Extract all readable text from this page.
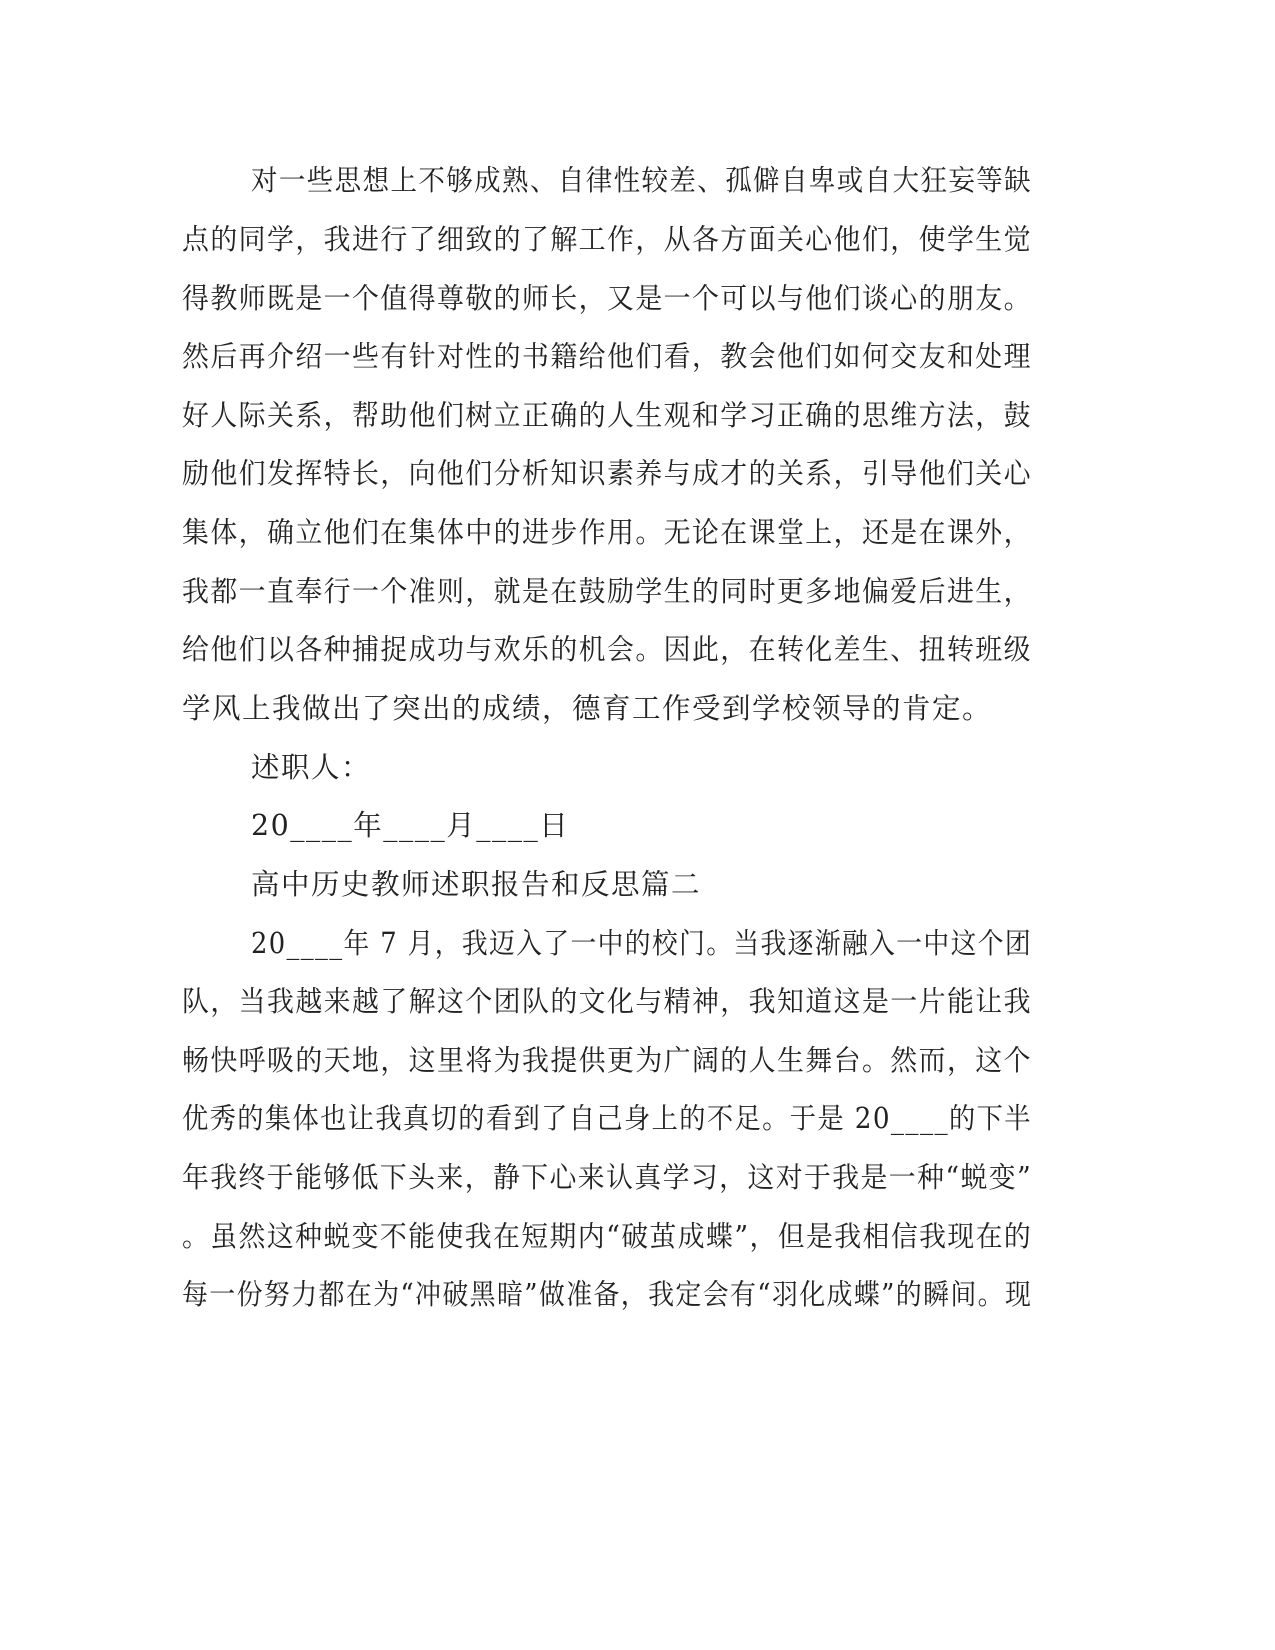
对一些思想上不够成熟、自律性较差、孤僻自卑或自大狂妄等缺
点的同学，我进行了细致的了解工作，从各方面关心他们，使学生觉
得教师既是一个值得尊敬的师长，又是一个可以与他们谈心的朋友。
然后再介绍一些有针对性的书籍给他们看，教会他们如何交友和处理
好人际关系，帮助他们树立正确的人生观和学习正确的思维方法，鼓
励他们发挥特长，向他们分析知识素养与成才的关系，引导他们关心
集体，确立他们在集体中的进步作用。无论在课堂上，还是在课外，
我都一直奉行一个准则，就是在鼓励学生的同时更多地偏爱后进生，
给他们以各种捕捉成功与欢乐的机会。因此，在转化差生、扭转班级
学风上我做出了突出的成绩，德育工作受到学校领导的肯定。
述职人：
20____年____月____日
高中历史教师述职报告和反思篇二
20____年 7 月，我迈入了一中的校门。当我逐渐融入一中这个团
队，当我越来越了解这个团队的文化与精神，我知道这是一片能让我
畅快呼吸的天地，这里将为我提供更为广阔的人生舞台。然而，这个
优秀的集体也让我真切的看到了自己身上的不足。于是 20____的下半
年我终于能够低下头来，静下心来认真学习，这对于我是一种“蜕变”
。虽然这种蜕变不能使我在短期内“破茧成蝶”，但是我相信我现在的
每一份努力都在为“冲破黑暗”做准备，我定会有“羽化成蝶”的瞬间。现
